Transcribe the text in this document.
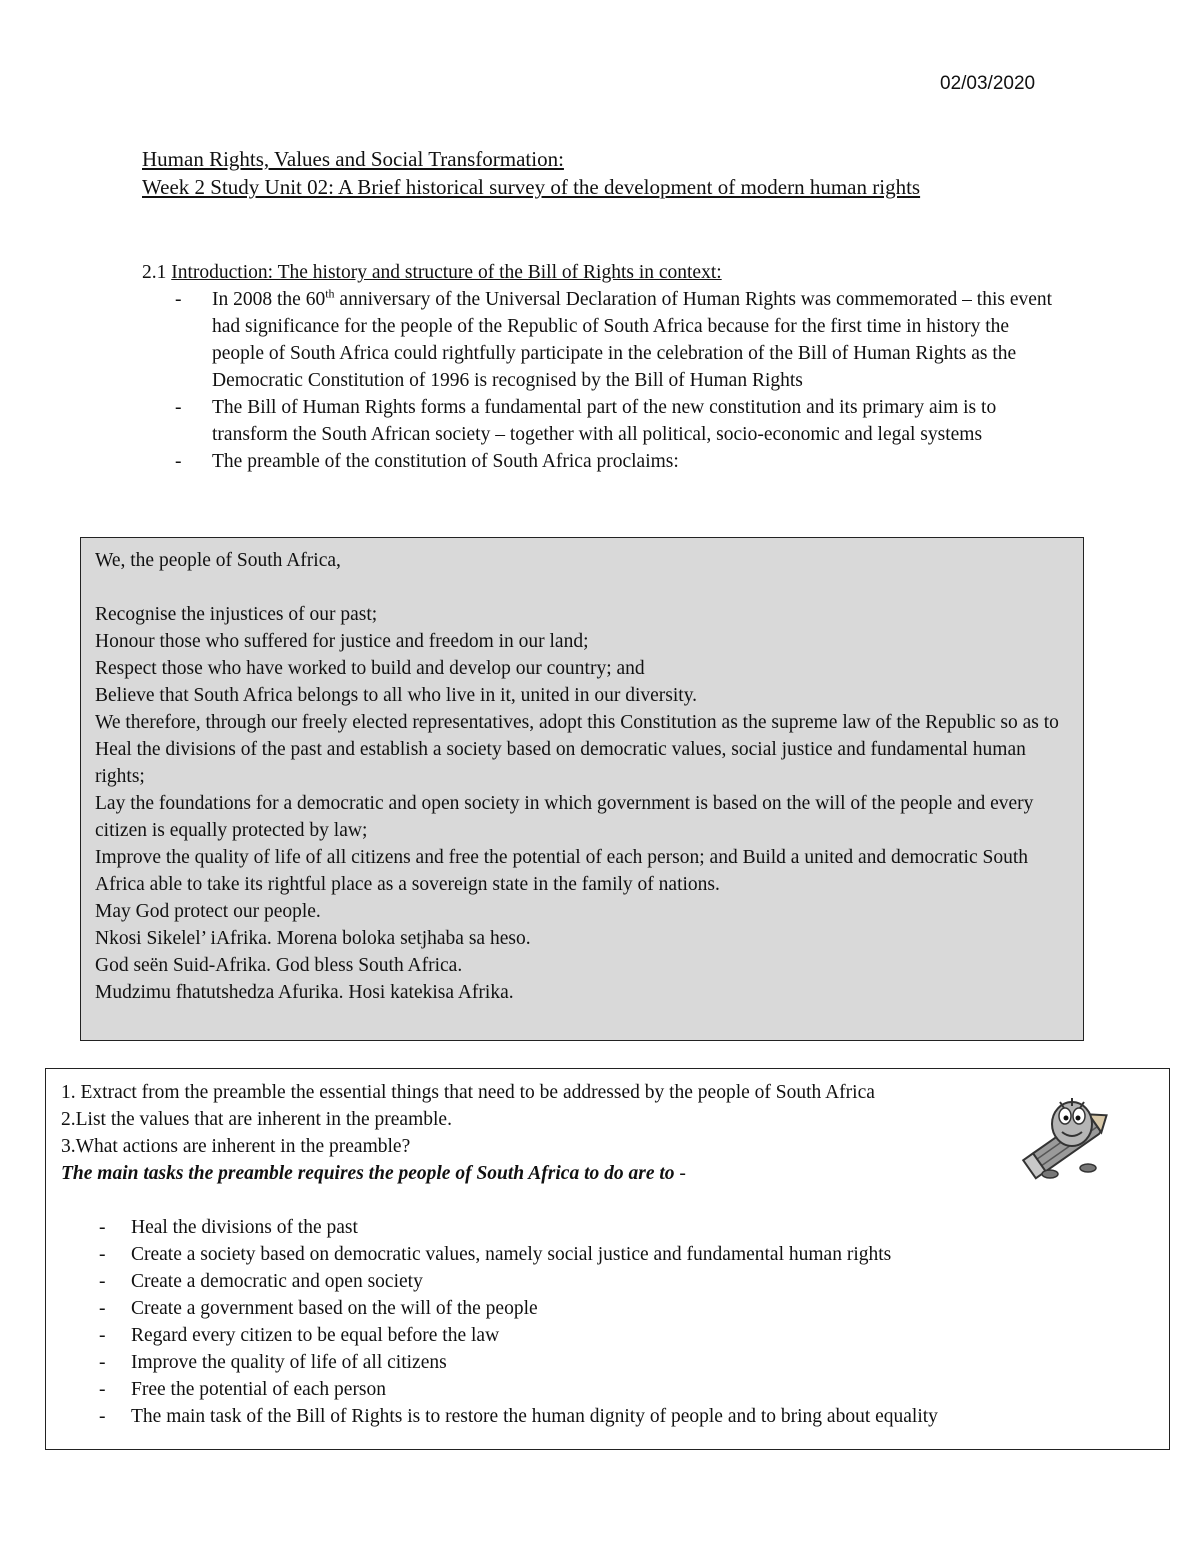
02/03/2020
Human Rights, Values and Social Transformation:
Week 2 Study Unit 02: A Brief historical survey of the development of modern human rights
2.1 Introduction: The history and structure of the Bill of Rights in context:
- In 2008 the 60th anniversary of the Universal Declaration of Human Rights was commemorated – this event had significance for the people of the Republic of South Africa because for the first time in history the people of South Africa could rightfully participate in the celebration of the Bill of Human Rights as the Democratic Constitution of 1996 is recognised by the Bill of Human Rights
- The Bill of Human Rights forms a fundamental part of the new constitution and its primary aim is to transform the South African society – together with all political, socio-economic and legal systems
- The preamble of the constitution of South Africa proclaims:

We, the people of South Africa,

Recognise the injustices of our past;

Honour those who suffered for justice and freedom in our land;

Respect those who have worked to build and develop our country; and

Believe that South Africa belongs to all who live in it, united in our diversity.

We therefore, through our freely elected representatives, adopt this Constitution as the supreme law of the Republic so as to

Heal the divisions of the past and establish a society based on democratic values, social justice and fundamental human rights;

Lay the foundations for a democratic and open society in which government is based on the will of the people and every citizen is equally protected by law;

Improve the quality of life of all citizens and free the potential of each person; and Build a united and democratic South Africa able to take its rightful place as a sovereign state in the family of nations.

May God protect our people.

Nkosi Sikelel’ iAfrika. Morena boloka setjhaba sa heso.

God seën Suid-Afrika. God bless South Africa.

Mudzimu fhatutshedza Afurika. Hosi katekisa Afrika.

1. Extract from the preamble the essential things that need to be addressed by the people of South Africa

2.List the values that are inherent in the preamble.

3.What actions are inherent in the preamble?

The main tasks the preamble requires the people of South Africa to do are to -

- Heal the divisions of the past
- Create a society based on democratic values, namely social justice and fundamental human rights
- Create a democratic and open society
- Create a government based on the will of the people
- Regard every citizen to be equal before the law
- Improve the quality of life of all citizens
- Free the potential of each person
- The main task of the Bill of Rights is to restore the human dignity of people and to bring about equality
